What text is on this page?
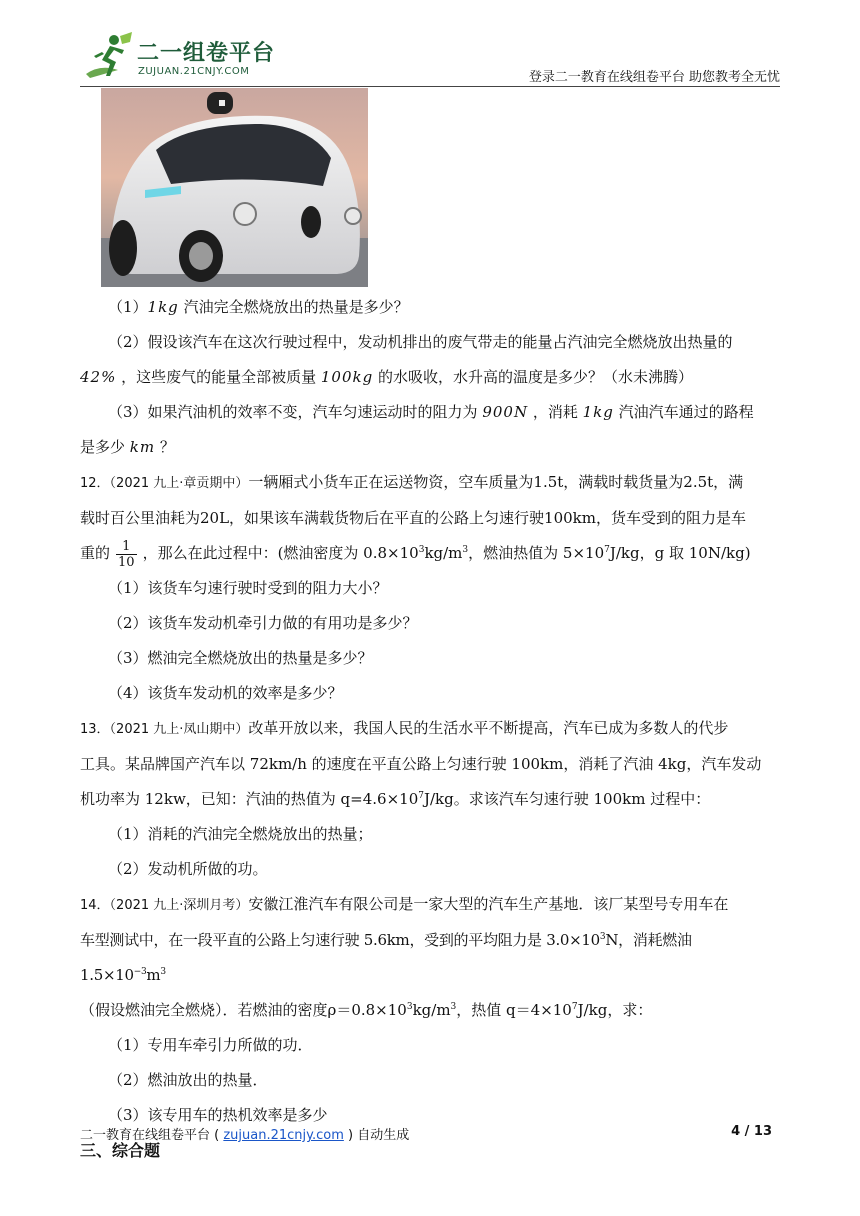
二一组卷平台
ZUJUAN.21CNJY.COM	登录二一教育在线组卷平台 助您教考全无忧

（1）1kg 汽油完全燃烧放出的热量是多少？

（2）假设该汽车在这次行驶过程中，发动机排出的废气带走的能量占汽油完全燃烧放出热量的

42% ，这些废气的能量全部被质量 100kg 的水吸收，水升高的温度是多少？（水未沸腾）

（3）如果汽油机的效率不变，汽车匀速运动时的阻力为 900N ，消耗 1kg 汽油汽车通过的路程

是多少 km ？

12．（2021 九上·章贡期中）一辆厢式小货车正在运送物资，空车质量为1.5t，满载时载货量为2.5t，满

载时百公里油耗为20L，如果该车满载货物后在平直的公路上匀速行驶100km，货车受到的阻力是车

重的 $\frac{1}{10}$ ，那么在此过程中：(燃油密度为 $0.8\times 10^3kg/m^3$，燃油热值为 $5\times 10^7J/kg$，g 取 10N/kg)

（1）该货车匀速行驶时受到的阻力大小？

（2）该货车发动机牵引力做的有用功是多少？

（3）燃油完全燃烧放出的热量是多少？

（4）该货车发动机的效率是多少？

13．（2021 九上·凤山期中）改革开放以来，我国人民的生活水平不断提高，汽车已成为多数人的代步

工具。某品牌国产汽车以 72km/h 的速度在平直公路上匀速行驶 100km，消耗了汽油 4kg，汽车发动

机功率为 12kw，已知：汽油的热值为 $q=4.6\times 10^7J/kg$。求该汽车匀速行驶 100km 过程中：

（1）消耗的汽油完全燃烧放出的热量；

（2）发动机所做的功。

14．（2021 九上·深圳月考）安徽江淮汽车有限公司是一家大型的汽车生产基地．该厂某型号专用车在

车型测试中，在一段平直的公路上匀速行驶 5.6km，受到的平均阻力是 $3.0\times 10^3N$，消耗燃油 $1.5\times 10^{-3}m^3$

（假设燃油完全燃烧）．若燃油的密度$\rho=0.8\times 10^3kg/m^3$，热值 $q=4\times 10^7J/kg$，求：

（1）专用车牵引力所做的功．

（2）燃油放出的热量．

（3）该专用车的热机效率是多少

三、综合题

二一教育在线组卷平台 ( zujuan.21cnjy.com ) 自动生成	4 / 13
